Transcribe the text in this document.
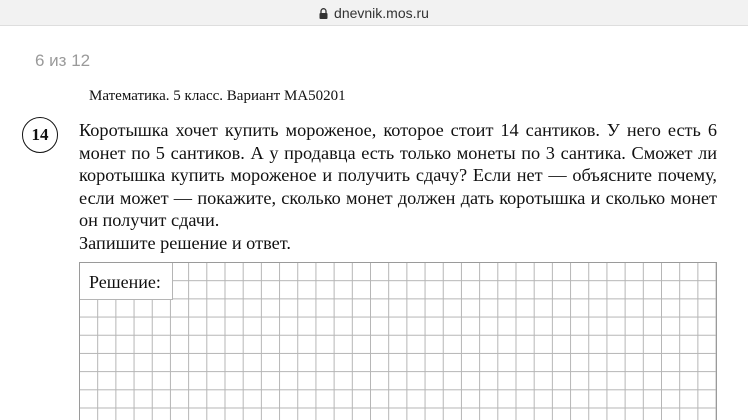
dnevnik.mos.ru
6 из 12
Математика. 5 класс. Вариант МА50201
14	Коротышка хочет купить мороженое, которое стоит 14 сантиков. У него есть 6 монет по 5 сантиков. А у продавца есть только монеты по 3 сантика. Сможет ли коротышка купить мороженое и получить сдачу? Если нет — объясните почему, если может — покажите, сколько монет должен дать коротышка и сколько монет он получит сдачи.
Запишите решение и ответ.
Решение:
